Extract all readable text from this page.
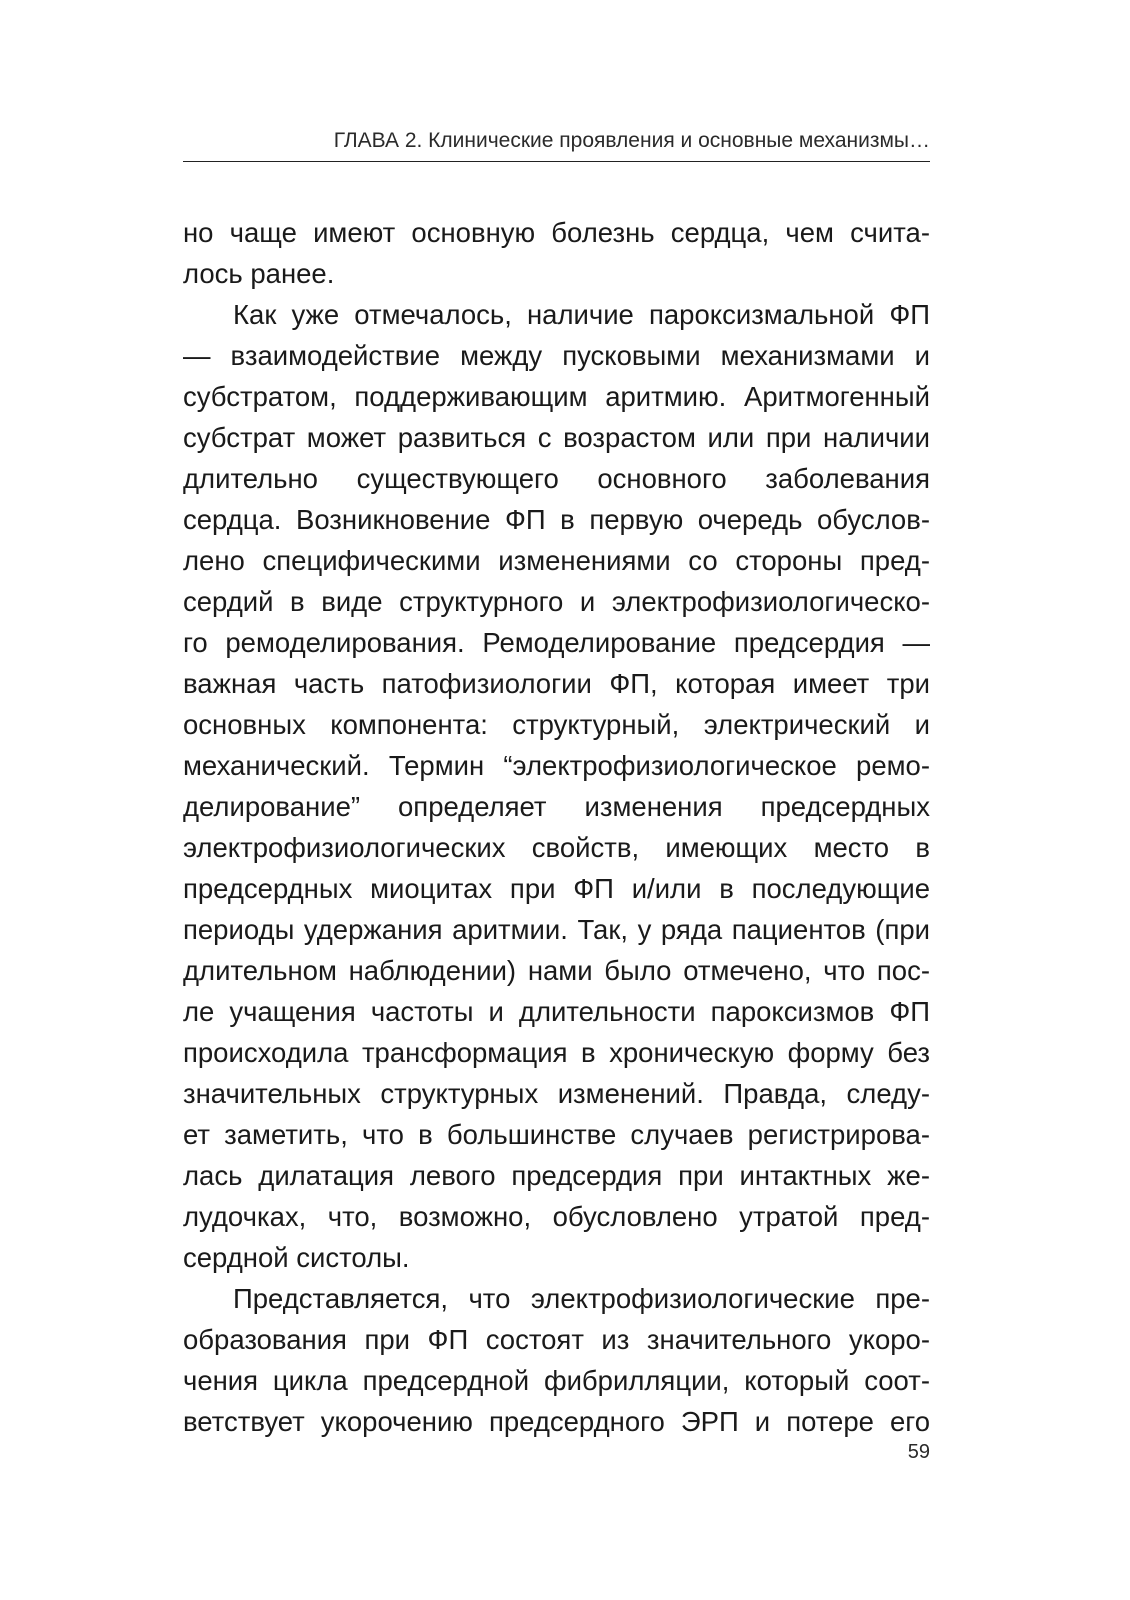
ГЛАВА 2. Клинические проявления и основные механизмы…
но чаще имеют основную болезнь сердца, чем счита-
лось ранее.
Как уже отмечалось, наличие пароксизмальной ФП
— взаимодействие между пусковыми механизмами и
субстратом, поддерживающим аритмию. Аритмогенный
субстрат может развиться с возрастом или при наличии
длительно существующего основного заболевания
сердца. Возникновение ФП в первую очередь обуслов-
лено специфическими изменениями со стороны пред-
сердий в виде структурного и электрофизиологическо-
го ремоделирования. Ремоделирование предсердия —
важная часть патофизиологии ФП, которая имеет три
основных компонента: структурный, электрический и
механический. Термин “электрофизиологическое ремо-
делирование” определяет изменения предсердных
электрофизиологических свойств, имеющих место в
предсердных миоцитах при ФП и/или в последующие
периоды удержания аритмии. Так, у ряда пациентов (при
длительном наблюдении) нами было отмечено, что пос-
ле учащения частоты и длительности пароксизмов ФП
происходила трансформация в хроническую форму без
значительных структурных изменений. Правда, следу-
ет заметить, что в большинстве случаев регистрирова-
лась дилатация левого предсердия при интактных же-
лудочках, что, возможно, обусловлено утратой пред-
сердной систолы.
Представляется, что электрофизиологические пре-
образования при ФП состоят из значительного укоро-
чения цикла предсердной фибрилляции, который соот-
ветствует укорочению предсердного ЭРП и потере его
59
